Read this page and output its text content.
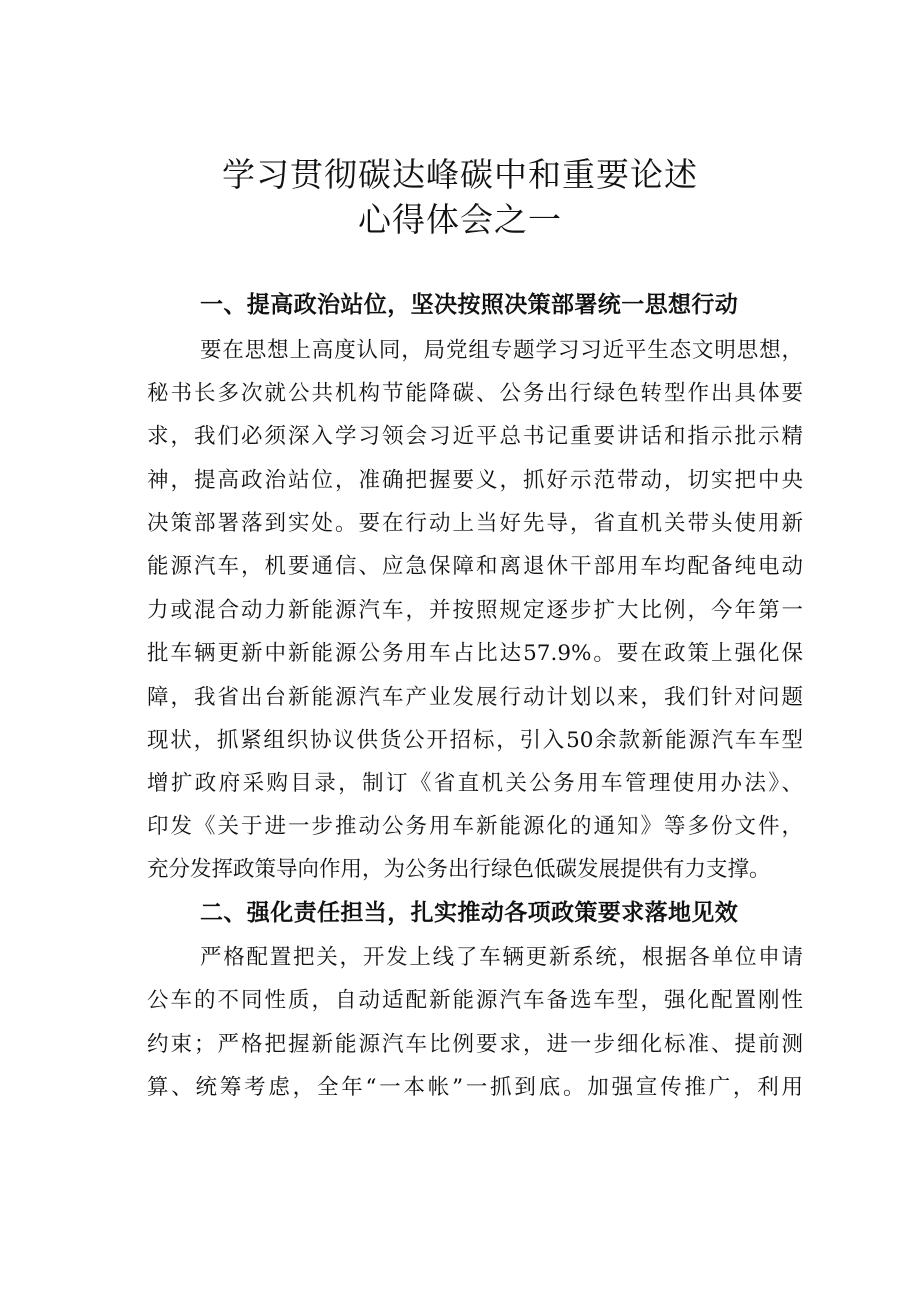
学习贯彻碳达峰碳中和重要论述
心得体会之一
一、提高政治站位，坚决按照决策部署统一思想行动
要在思想上高度认同，局党组专题学习习近平生态文明思想，
秘书长多次就公共机构节能降碳、公务出行绿色转型作出具体要
求，我们必须深入学习领会习近平总书记重要讲话和指示批示精
神，提高政治站位，准确把握要义，抓好示范带动，切实把中央
决策部署落到实处。要在行动上当好先导，省直机关带头使用新
能源汽车，机要通信、应急保障和离退休干部用车均配备纯电动
力或混合动力新能源汽车，并按照规定逐步扩大比例，今年第一
批车辆更新中新能源公务用车占比达57.9%。要在政策上强化保
障，我省出台新能源汽车产业发展行动计划以来，我们针对问题
现状，抓紧组织协议供货公开招标，引入50余款新能源汽车车型
增扩政府采购目录，制订《省直机关公务用车管理使用办法》、
印发《关于进一步推动公务用车新能源化的通知》等多份文件，
充分发挥政策导向作用，为公务出行绿色低碳发展提供有力支撑。
二、强化责任担当，扎实推动各项政策要求落地见效
严格配置把关，开发上线了车辆更新系统，根据各单位申请
公车的不同性质，自动适配新能源汽车备选车型，强化配置刚性
约束；严格把握新能源汽车比例要求，进一步细化标准、提前测
算、统筹考虑，全年“一本帐”一抓到底。加强宣传推广，利用
